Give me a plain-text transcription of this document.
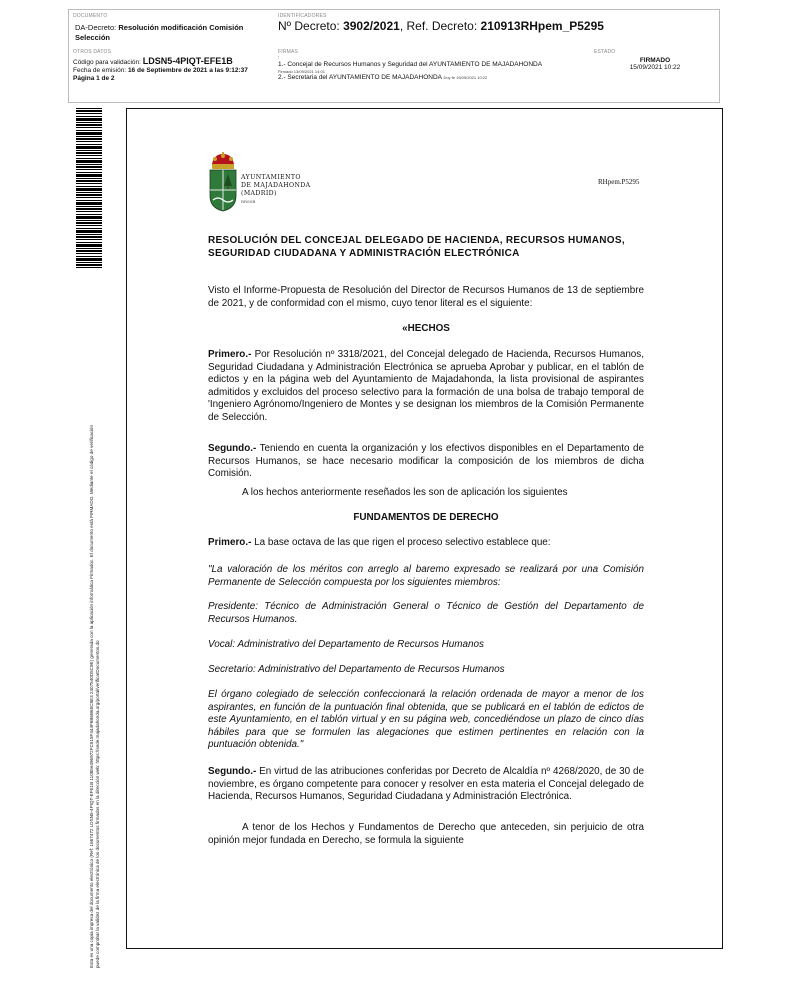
DOCUMENTO
DA-Decreto: Resolución modificación Comisión
Selección
IDENTIFICADORES
Nº Decreto: 3902/2021, Ref. Decreto: 210913RHpem_P5295
OTROS DATOS
Código para validación: LDSN5-4PIQT-EFE1B
Fecha de emisión: 16 de Septiembre de 2021 a las 9:12:37
Página 1 de 2
FIRMAS
:
1.- Concejal de Recursos Humanos y Seguridad del AYUNTAMIENTO DE MAJADAHONDA
Firmado 13/09/2021 14:01
2.- Secretaria del AYUNTAMIENTO DE MAJADAHONDA Doy fe 15/09/2021 10:22
ESTADO
FIRMADO
15/09/2021 10:22
Esta es una copia impresa del documento electrónico (Ref: 1667472 LDSN5-4PIQT-EFE1B 11085e496972FC515F444F6B6B65C8E3 2407540D5C9E) generada con la aplicación informática Firmadoc. El documento está FIRMADO. Mediante el código de verificación puede comprobar la validez de la firma electrónica de los documentos firmados en la dirección web: https://sede.majadahonda.org/portal/verificarDocumentos.do
AYUNTAMIENTO
DE MAJADAHONDA
(MADRID)
RRSSB
RHpem.P5295
RESOLUCIÓN DEL CONCEJAL DELEGADO DE HACIENDA, RECURSOS HUMANOS, SEGURIDAD CIUDADANA Y ADMINISTRACIÓN ELECTRÓNICA
Visto el Informe-Propuesta de Resolución del Director de Recursos Humanos de 13 de septiembre de 2021, y de conformidad con el mismo, cuyo tenor literal es el siguiente:
«HECHOS
Primero.- Por Resolución nº 3318/2021, del Concejal delegado de Hacienda, Recursos Humanos, Seguridad Ciudadana y Administración Electrónica se aprueba Aprobar y publicar, en el tablón de edictos y en la página web del Ayuntamiento de Majadahonda, la lista provisional de aspirantes admitidos y excluidos del proceso selectivo para la formación de una bolsa de trabajo temporal de 'Ingeniero Agrónomo/Ingeniero de Montes y se designan los miembros de la Comisión Permanente de Selección.
Segundo.- Teniendo en cuenta la organización y los efectivos disponibles en el Departamento de Recursos Humanos, se hace necesario modificar la composición de los miembros de dicha Comisión.
A los hechos anteriormente reseñados les son de aplicación los siguientes
FUNDAMENTOS DE DERECHO
Primero.- La base octava de las que rigen el proceso selectivo establece que:
"La valoración de los méritos con arreglo al baremo expresado se realizará por una Comisión Permanente de Selección compuesta por los siguientes miembros:
Presidente: Técnico de Administración General o Técnico de Gestión del Departamento de Recursos Humanos.
Vocal: Administrativo del Departamento de Recursos Humanos
Secretario: Administrativo del Departamento de Recursos Humanos
El órgano colegiado de selección confeccionará la relación ordenada de mayor a menor de los aspirantes, en función de la puntuación final obtenida, que se publicará en el tablón de edictos de este Ayuntamiento, en el tablón virtual y en su página web, concediéndose un plazo de cinco días hábiles para que se formulen las alegaciones que estimen pertinentes en relación con la puntuación obtenida."
Segundo.- En virtud de las atribuciones conferidas por Decreto de Alcaldía nº 4268/2020, de 30 de noviembre, es órgano competente para conocer y resolver en esta materia el Concejal delegado de Hacienda, Recursos Humanos, Seguridad Ciudadana y Administración Electrónica.
A tenor de los Hechos y Fundamentos de Derecho que anteceden, sin perjuicio de otra opinión mejor fundada en Derecho, se formula la siguiente
